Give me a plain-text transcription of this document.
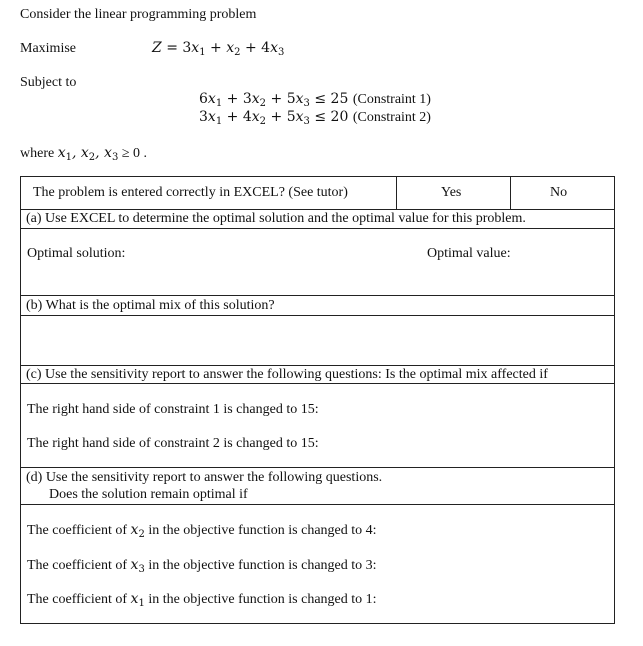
Consider the linear programming problem
Maximise	$Z = 3x_1 + x_2 + 4x_3$
Subject to
$6x_1 + 3x_2 + 5x_3 \le 25$ (Constraint 1)
$3x_1 + 4x_2 + 5x_3 \le 20$ (Constraint 2)
where $x_1$, $x_2$, $x_3 \ge 0$ .
The problem is entered correctly in EXCEL? (See tutor)	Yes	No
(a) Use EXCEL to determine the optimal solution and the optimal value for this problem.
Optimal solution:	Optimal value:
(b) What is the optimal mix of this solution?
(c) Use the sensitivity report to answer the following questions: Is the optimal mix affected if
The right hand side of constraint 1 is changed to 15:
The right hand side of constraint 2 is changed to 15:
(d) Use the sensitivity report to answer the following questions.
Does the solution remain optimal if
The coefficient of $x_2$ in the objective function is changed to 4:
The coefficient of $x_3$ in the objective function is changed to 3:
The coefficient of $x_1$ in the objective function is changed to 1:
